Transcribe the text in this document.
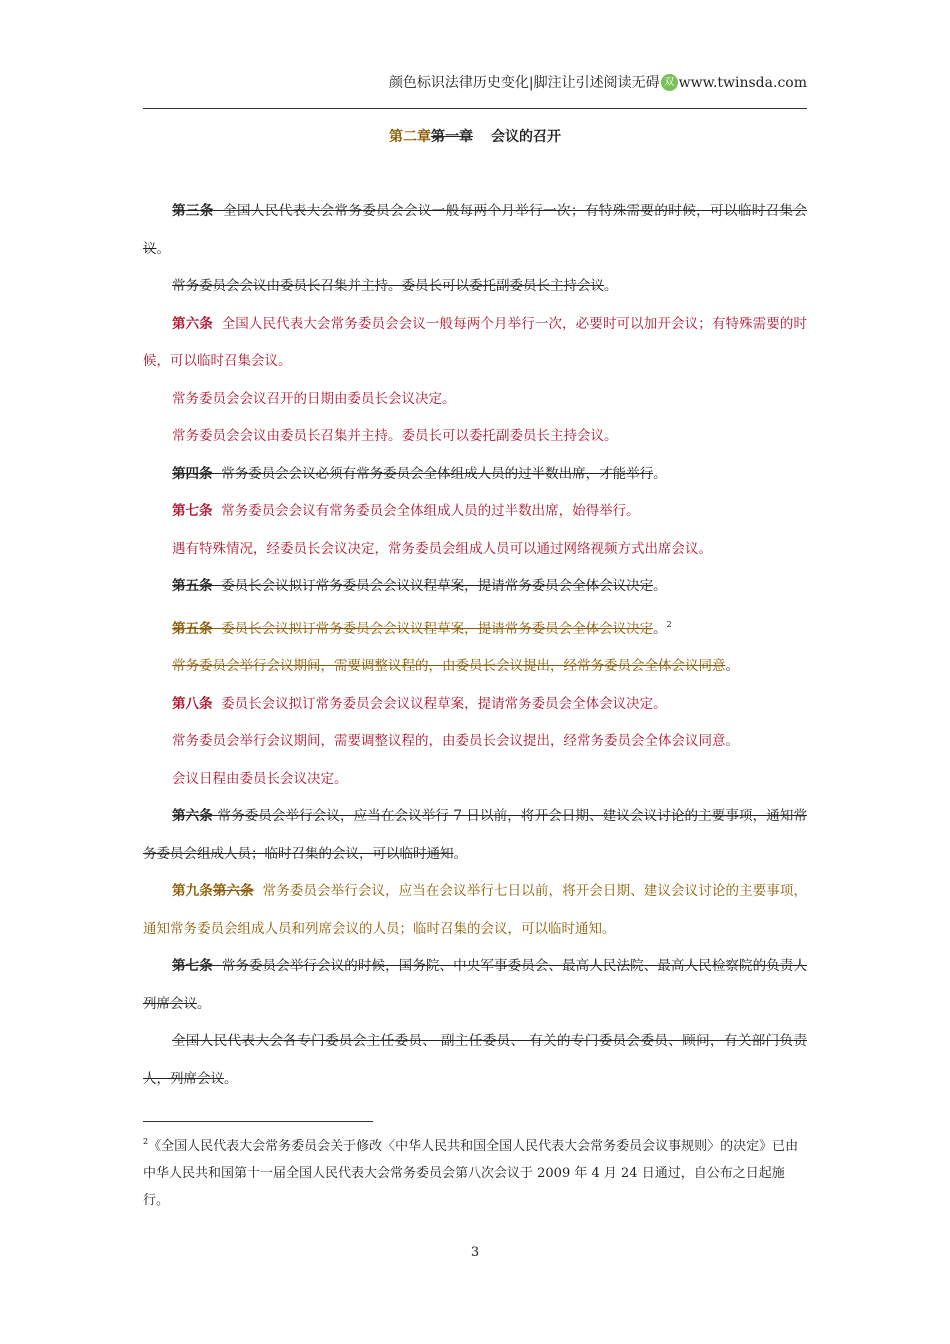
颜色标识法律历史变化|脚注让引述阅读无碍 双 www.twinsda.com
第二章第一章 会议的召开

第三条 全国人民代表大会常务委员会会议一般每两个月举行一次；有特殊需要的时候，可以临时召集会议。

常务委员会会议由委员长召集并主持。委员长可以委托副委员长主持会议。

第六条 全国人民代表大会常务委员会会议一般每两个月举行一次，必要时可以加开会议；有特殊需要的时候，可以临时召集会议。

常务委员会会议召开的日期由委员长会议决定。

常务委员会会议由委员长召集并主持。委员长可以委托副委员长主持会议。

第四条 常务委员会会议必须有常务委员会全体组成人员的过半数出席，才能举行。

第七条 常务委员会会议有常务委员会全体组成人员的过半数出席，始得举行。

遇有特殊情况，经委员长会议决定，常务委员会组成人员可以通过网络视频方式出席会议。

第五条 委员长会议拟订常务委员会会议议程草案，提请常务委员会全体会议决定。

第五条 委员长会议拟订常务委员会会议议程草案，提请常务委员会全体会议决定。$^2$

常务委员会举行会议期间，需要调整议程的，由委员长会议提出，经常务委员会全体会议同意。

第八条 委员长会议拟订常务委员会会议议程草案，提请常务委员会全体会议决定。

常务委员会举行会议期间，需要调整议程的，由委员长会议提出，经常务委员会全体会议同意。

会议日程由委员长会议决定。

第六条 常务委员会举行会议，应当在会议举行 7 日以前，将开会日期、建议会议讨论的主要事项，通知常务委员会组成人员；临时召集的会议，可以临时通知。

第九条第六条 常务委员会举行会议，应当在会议举行七日以前，将开会日期、建议会议讨论的主要事项，通知常务委员会组成人员和列席会议的人员；临时召集的会议，可以临时通知。

第七条 常务委员会举行会议的时候，国务院、中央军事委员会、最高人民法院、最高人民检察院的负责人列席会议。

全国人民代表大会各专门委员会主任委员、 副主任委员、 有关的专门委员会委员、顾问，有关部门负责人，列席会议。

$^2$《全国人民代表大会常务委员会关于修改〈中华人民共和国全国人民代表大会常务委员会议事规则〉的决定》已由中华人民共和国第十一届全国人民代表大会常务委员会第八次会议于 2009 年 4 月 24 日通过，自公布之日起施行。
3
